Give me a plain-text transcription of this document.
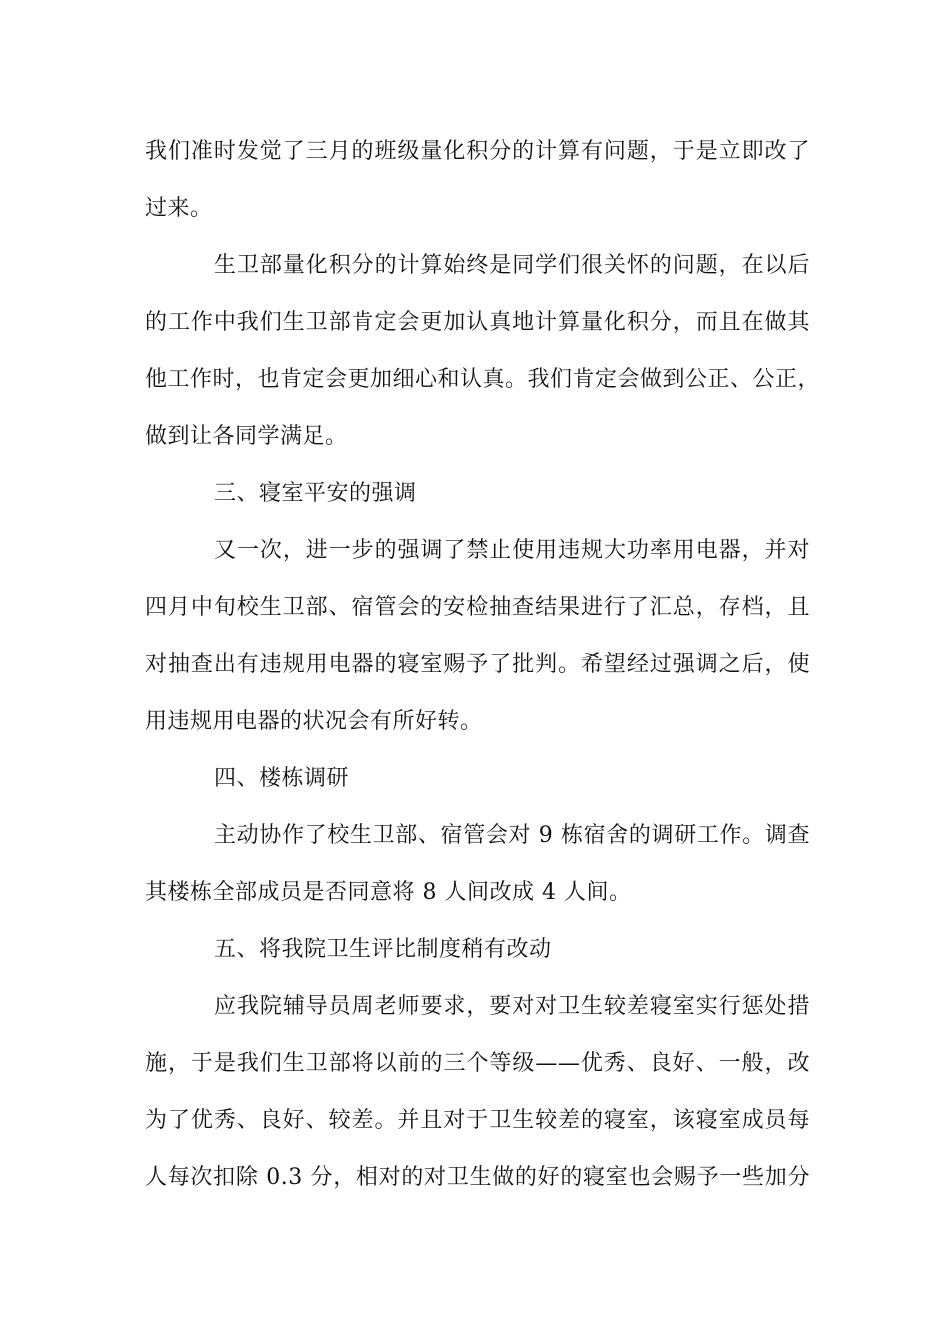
我们准时发觉了三月的班级量化积分的计算有问题，于是立即改了
过来。
生卫部量化积分的计算始终是同学们很关怀的问题，在以后
的工作中我们生卫部肯定会更加认真地计算量化积分，而且在做其
他工作时，也肯定会更加细心和认真。我们肯定会做到公正、公正，
做到让各同学满足。
三、寝室平安的强调
又一次，进一步的强调了禁止使用违规大功率用电器，并对
四月中旬校生卫部、宿管会的安检抽查结果进行了汇总，存档，且
对抽查出有违规用电器的寝室赐予了批判。希望经过强调之后，使
用违规用电器的状况会有所好转。
四、楼栋调研
主动协作了校生卫部、宿管会对 9 栋宿舍的调研工作。调查
其楼栋全部成员是否同意将 8 人间改成 4 人间。
五、将我院卫生评比制度稍有改动
应我院辅导员周老师要求，要对对卫生较差寝室实行惩处措
施，于是我们生卫部将以前的三个等级——优秀、良好、一般，改
为了优秀、良好、较差。并且对于卫生较差的寝室，该寝室成员每
人每次扣除 0.3 分，相对的对卫生做的好的寝室也会赐予一些加分
